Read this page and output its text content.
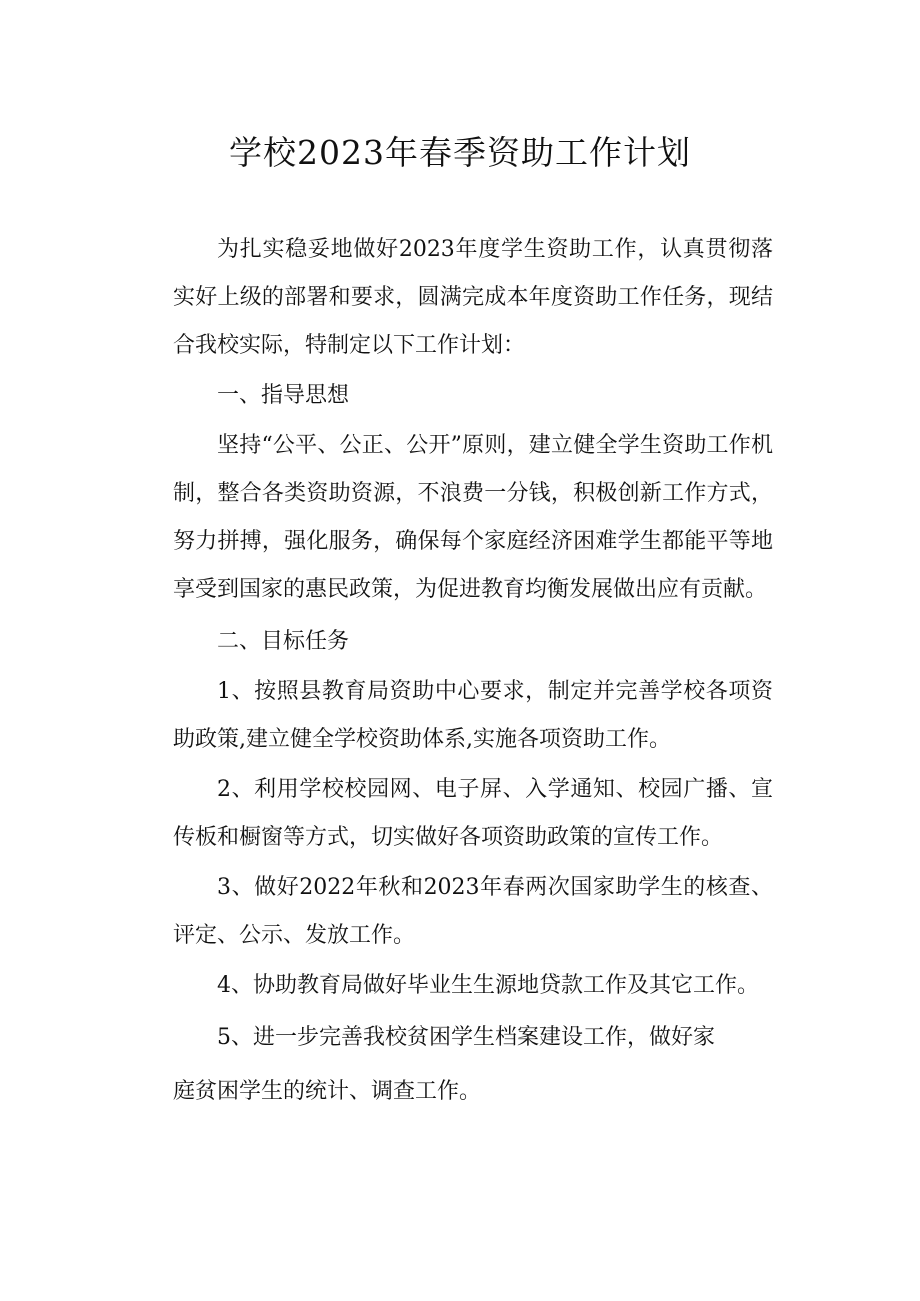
学校2023年春季资助工作计划

为扎实稳妥地做好2023年度学生资助工作，认真贯彻落实好上级的部署和要求，圆满完成本年度资助工作任务，现结合我校实际，特制定以下工作计划：

一、指导思想

坚持“公平、公正、公开”原则，建立健全学生资助工作机制，整合各类资助资源，不浪费一分钱，积极创新工作方式，努力拼搏，强化服务，确保每个家庭经济困难学生都能平等地享受到国家的惠民政策，为促进教育均衡发展做出应有贡献。

二、目标任务

1、按照县教育局资助中心要求，制定并完善学校各项资助政策,建立健全学校资助体系,实施各项资助工作。

2、利用学校校园网、电子屏、入学通知、校园广播、宣传板和橱窗等方式，切实做好各项资助政策的宣传工作。

3、做好2022年秋和2023年春两次国家助学生的核查、评定、公示、发放工作。

4、协助教育局做好毕业生生源地贷款工作及其它工作。

5、进一步完善我校贫困学生档案建设工作，做好家

庭贫困学生的统计、调查工作。
